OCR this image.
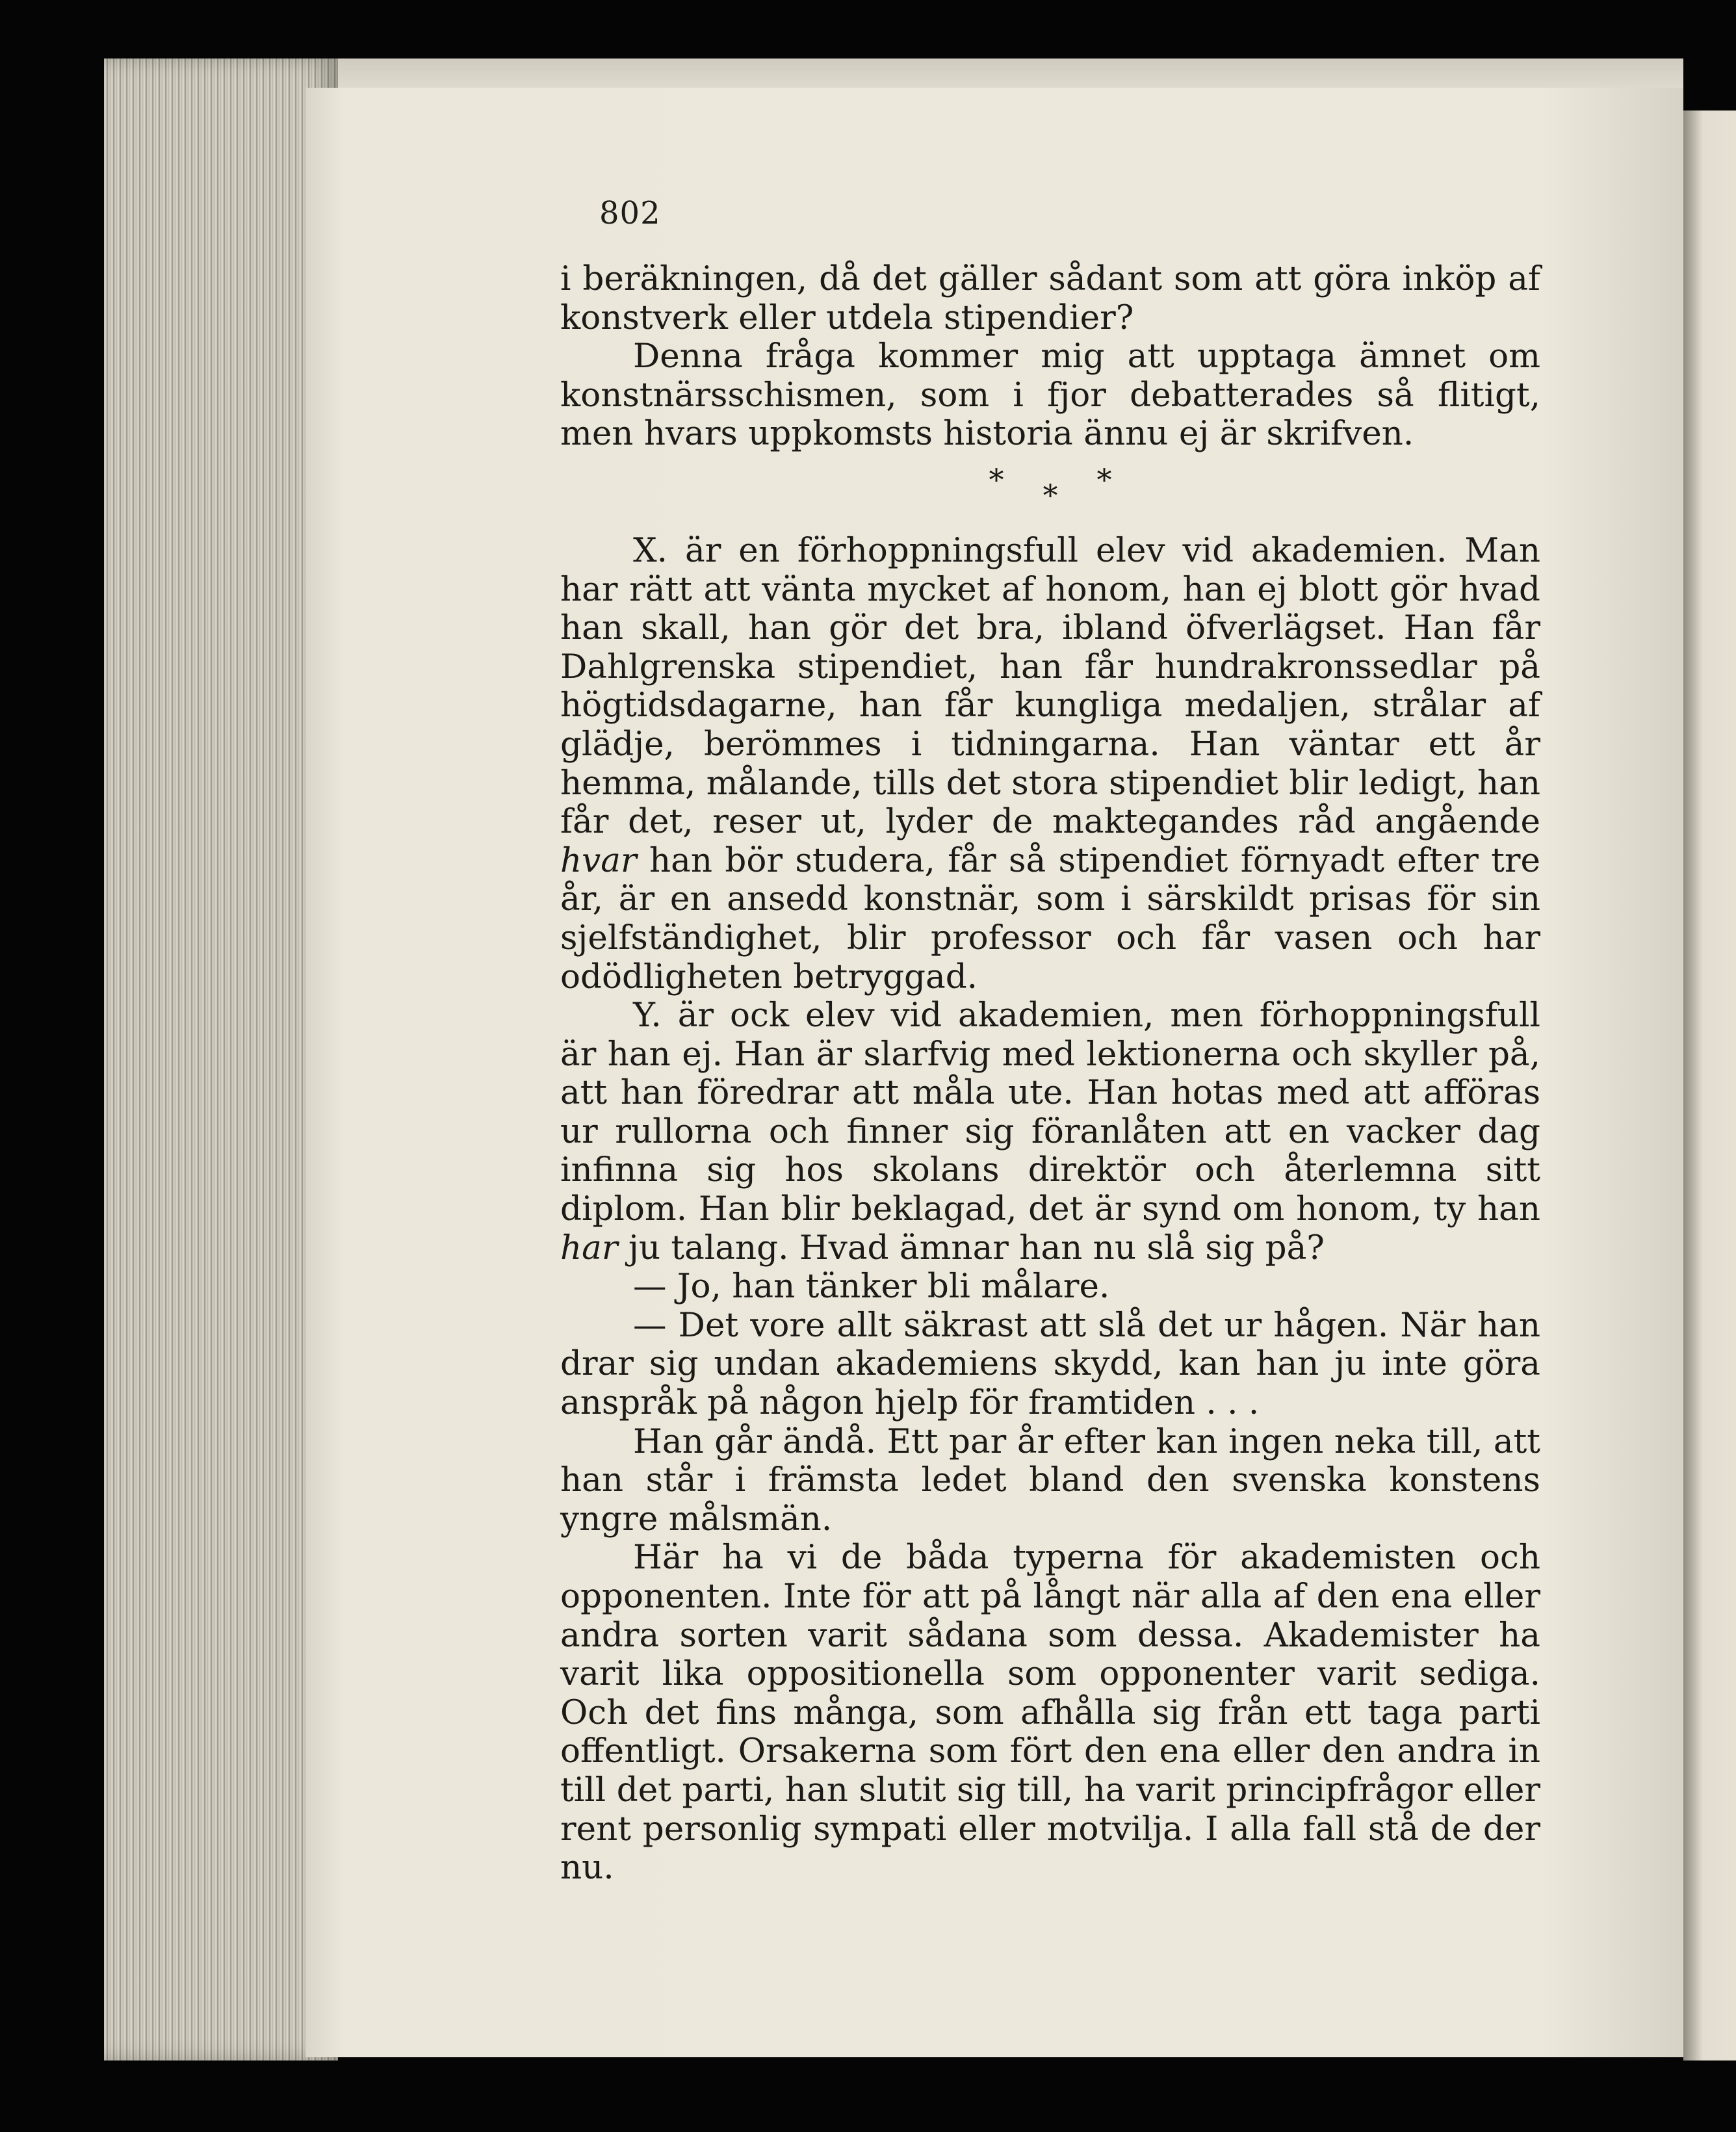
802

i beräkningen, då det gäller sådant som att göra inköp af konstverk eller utdela stipendier?

Denna fråga kommer mig att upptaga ämnet om konstnärsschismen, som i fjor debatterades så flitigt, men hvars uppkomsts historia ännu ej är skrifven.

***

X. är en förhoppningsfull elev vid akademien. Man har rätt att vänta mycket af honom, han ej blott gör hvad han skall, han gör det bra, ibland öfverlägset. Han får Dahlgrenska stipendiet, han får hundrakronssedlar på högtidsdagarne, han får kungliga medaljen, strålar af glädje, berömmes i tidningarna. Han väntar ett år hemma, målande, tills det stora stipendiet blir ledigt, han får det, reser ut, lyder de maktegandes råd angående hvar han bör studera, får så stipendiet förnyadt efter tre år, är en ansedd konstnär, som i särskildt prisas för sin sjelfständighet, blir professor och får vasen och har odödligheten betryggad.

Y. är ock elev vid akademien, men förhoppningsfull är han ej. Han är slarfvig med lektionerna och skyller på, att han föredrar att måla ute. Han hotas med att afföras ur rullorna och finner sig föranlåten att en vacker dag infinna sig hos skolans direktör och återlemna sitt diplom. Han blir beklagad, det är synd om honom, ty han har ju talang. Hvad ämnar han nu slå sig på?

— Jo, han tänker bli målare.

— Det vore allt säkrast att slå det ur hågen. När han drar sig undan akademiens skydd, kan han ju inte göra anspråk på någon hjelp för framtiden . . .

Han går ändå. Ett par år efter kan ingen neka till, att han står i främsta ledet bland den svenska konstens yngre målsmän.

Här ha vi de båda typerna för akademisten och opponenten. Inte för att på långt när alla af den ena eller andra sorten varit sådana som dessa. Akademister ha varit lika oppositionella som opponenter varit sediga. Och det fins många, som afhålla sig från ett taga parti offentligt. Orsakerna som fört den ena eller den andra in till det parti, han slutit sig till, ha varit principfrågor eller rent personlig sympati eller motvilja. I alla fall stå de der nu.
